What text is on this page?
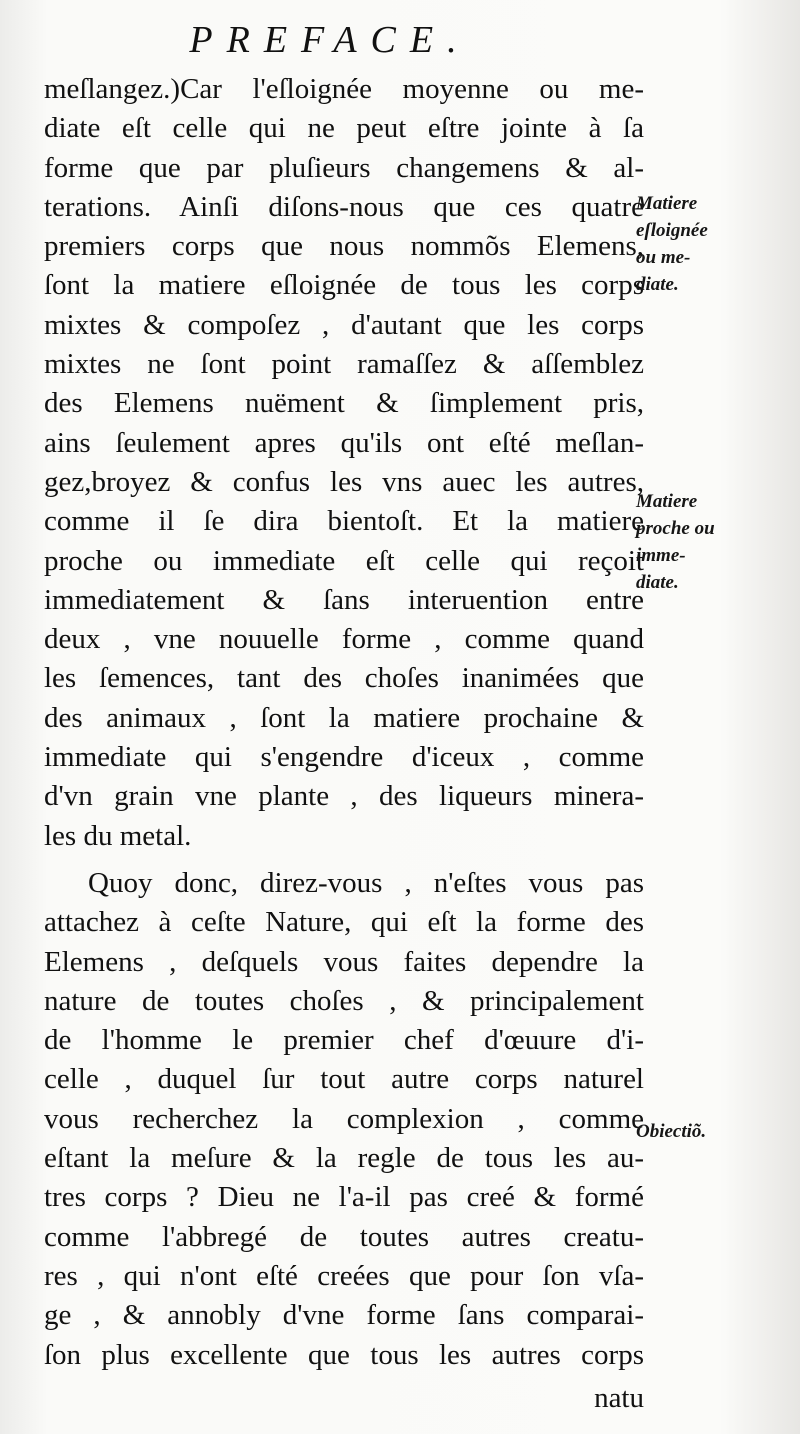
PREFACE.
meſlangez.)Car l'eſloignée moyenne ou me-
diate eſt celle qui ne peut eſtre jointe à ſa
forme que par pluſieurs changemens & al-
terations. Ainſi diſons-nous que ces quatre
premiers corps que nous nommõs Elemens,
ſont la matiere eſloignée de tous les corps
mixtes & compoſez , d'autant que les corps
mixtes ne ſont point ramaſſez & aſſemblez
des Elemens nuëment & ſimplement pris,
ains ſeulement apres qu'ils ont eſté meſlan-
gez,broyez & confus les vns auec les autres,
comme il ſe dira bientoſt. Et la matiere
proche ou immediate eſt celle qui reçoit
immediatement & ſans interuention entre
deux , vne nouuelle forme , comme quand
les ſemences, tant des choſes inanimées que
des animaux , ſont la matiere prochaine &
immediate qui s'engendre d'iceux , comme
d'vn grain vne plante , des liqueurs minera-
les du metal.
Quoy donc, direz-vous , n'eſtes vous pas
attachez à ceſte Nature, qui eſt la forme des
Elemens , deſquels vous faites dependre la
nature de toutes choſes , & principalement
de l'homme le premier chef d'œuure d'i-
celle , duquel ſur tout autre corps naturel
vous recherchez la complexion , comme
eſtant la meſure & la regle de tous les au-
tres corps ? Dieu ne l'a-il pas creé & formé
comme l'abbregé de toutes autres creatu-
res , qui n'ont eſté creées que pour ſon vſa-
ge , & annobly d'vne forme ſans comparai-
ſon plus excellente que tous les autres corps
natu
Matiere
eſloignée
ou me-
diate.
Matiere
proche ou
imme-
diate.
Obiectiõ.
